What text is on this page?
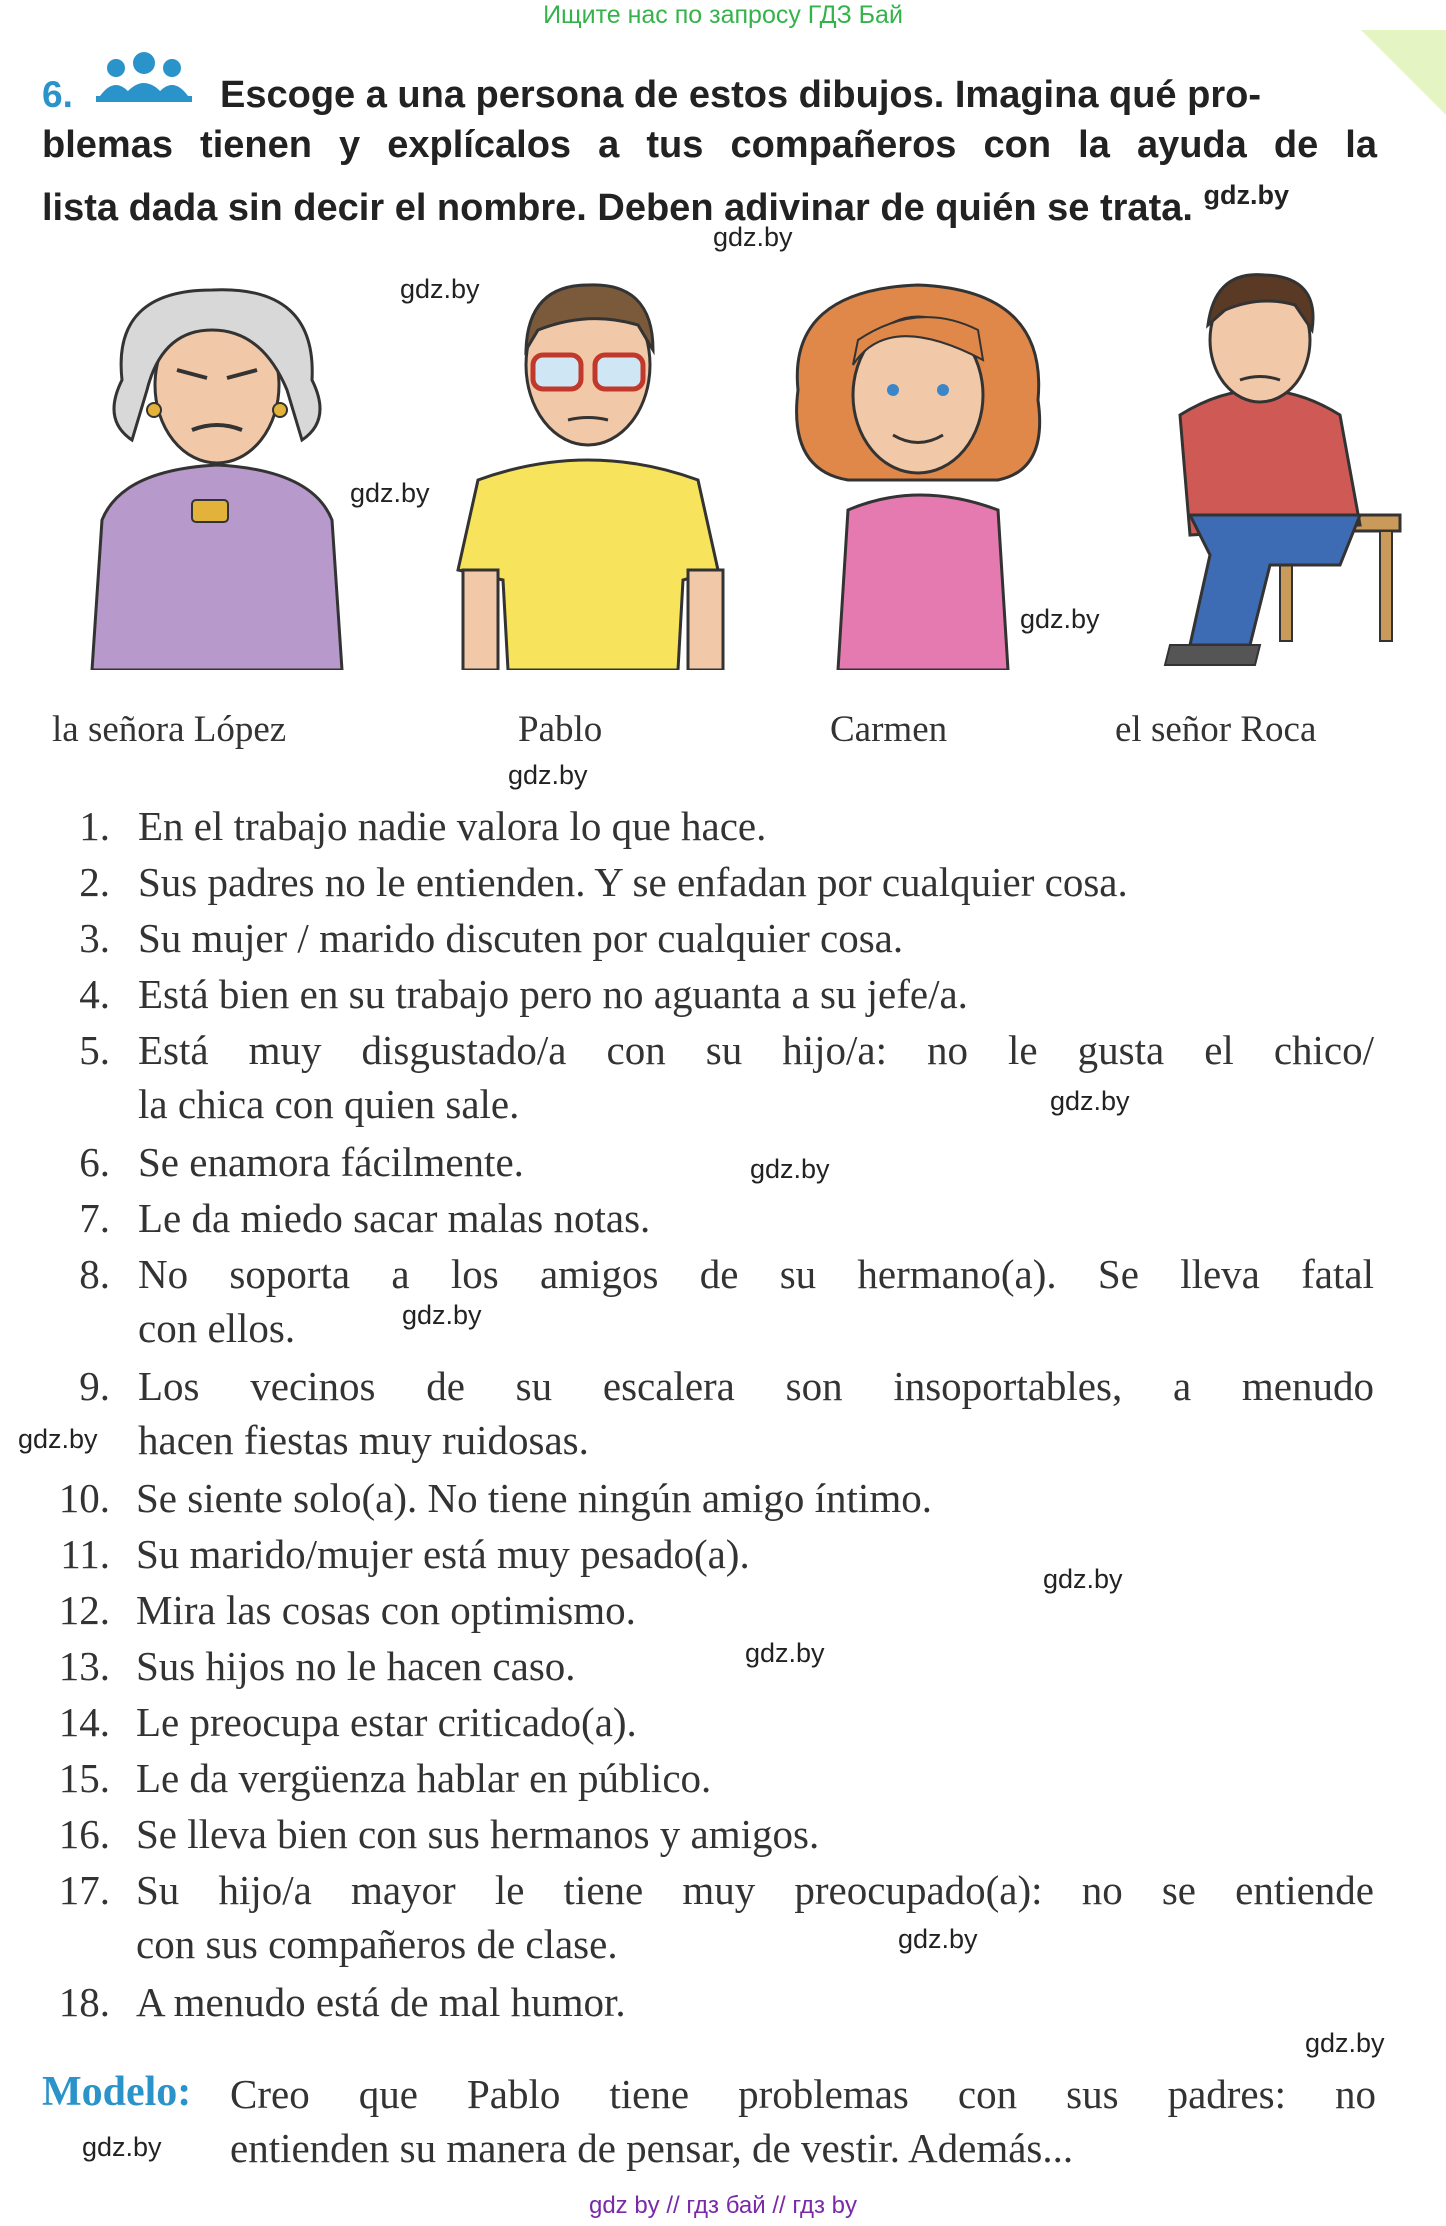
Ищите нас по запросу ГДЗ Бай
6.	Escoge a una persona de estos dibujos. Imagina qué pro-
blemas tienen y explícalos a tus compañeros con la ayuda de la
lista dada sin decir el nombre. Deben adivinar de quién se trata. $^{gdz.by}$
gdz.by
gdz.by
gdz.by
gdz.by
la señora López	Pablo	Carmen	el señor Roca
gdz.by
1. En el trabajo nadie valora lo que hace.
2. Sus padres no le entienden. Y se enfadan por cualquier cosa.
3. Su mujer / marido discuten por cualquier cosa.
4. Está bien en su trabajo pero no aguanta a su jefe/a.
5. Está muy disgustado/a con su hijo/a: no le gusta el chico/
la chica con quien sale.	gdz.by
6. Se enamora fácilmente.	gdz.by
7. Le da miedo sacar malas notas.
8. No soporta a los amigos de su hermano(a). Se lleva fatal
con ellos.	gdz.by
9. Los vecinos de su escalera son insoportables, a menudo
gdz.by hacen fiestas muy ruidosas.
10. Se siente solo(a). No tiene ningún amigo íntimo.
11. Su marido/mujer está muy pesado(a).
gdz.by
12. Mira las cosas con optimismo.
13. Sus hijos no le hacen caso.	gdz.by
14. Le preocupa estar criticado(a).
15. Le da vergüenza hablar en público.
16. Se lleva bien con sus hermanos y amigos.
17. Su hijo/a mayor le tiene muy preocupado(a): no se entiende
con sus compañeros de clase.	gdz.by
18. A menudo está de mal humor.
gdz.by
Modelo: Creo que Pablo tiene problemas con sus padres: no
entienden su manera de pensar, de vestir. Además...
gdz.by
gdz by // гдз бай // гдз by
